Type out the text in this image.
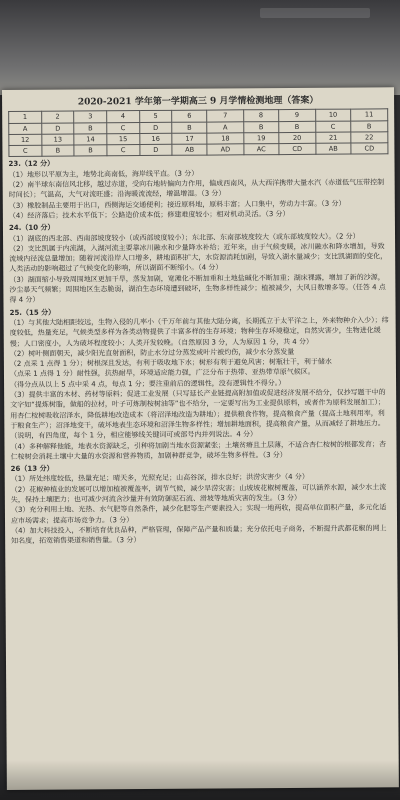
2020-2021 学年第一学期高三 9 月学情检测地理（答案）
1	2	3	4	5	6	7	8	9	10	11
A	D	B	C	D	B	A	B	B	C	B
12	13	14	15	16	17	18	19	20	21	22
C	B	B	C	D	AB	AD	AC	CD	AB	CD
23.（12 分）

（1）地形以平原为主，地势北高南低，海岸线平直。（3 分）

（2）南半球东南信风北移，越过赤道，受向右地转偏向力作用，偏成西南风，从大西洋携带大量水汽（赤道低气压带控制时间长）；气温高，大气对流旺盛；沿海暖流流经，增温增湿。（3 分）

（3）橡胶制品主要用于出口，西侧海运交通便利；接近原料地，原料丰富；人口集中，劳动力丰富。（3 分）

（4）经济落后；技术水平低下；公路造价成本低；修建难度较小；相对机动灵活。（3 分）

24.（10 分）

（1）湖底的西北部、西南部坡度较小（或西部坡度较小）；东北部、东南部坡度较大（或东部坡度较大）。（2 分）

（2）支比凯属于内流湖，入湖河流主要靠冰川融水和少量降水补给；近年来，由于气候变暖，冰川融水和降水增加，导致流域内径流总量增加；随着河流沿岸人口增多，耕地面积扩大，水资源消耗加剧，导致入湖水量减少；支比凯湖面的变化，人类活动的影响超过了气候变化的影响，所以湖面不断缩小。（4 分）

（3）湖面缩小导致周围地区更加干旱，蒸发加剧，宽滩化不断加重和土地盐碱化不断加重；湖床裸露，增加了新的沙源，沙尘暴天气频繁；周围地区生态脆弱，湖泊生态环境遭到破坏，生物多样性减少；植被减少，大风日数增多等。（任答 4 点得 4 分）

25.（15 分）

（1）与其他大陆相距较远，生物入侵的几率小（千万年前与其他大陆分离，长期孤立于太平洋之上，外来物种介入少）；纬度较低，热量充足，气候类型多样为各类动物提供了丰富多样的生存环境；物种生存环境稳定，自然灾害少，生物进化缓慢；人口密度小，人为破坏程度较小；人类开发较晚。（自然原因 3 分，人为原因 1 分，共 4 分）

（2）树叶侧面朝天，减少阳光直射面积，防止水分过分蒸发或叶片被灼伤，减少水分蒸发量

（2 点采 1 点得 1 分）；树根深且发达，有利于吸收地下水；树形有利于避免风害；树瓶壮干，利于储水

（点采 1 点得 1 分）耐性强，抗热耐旱，环境适应能力强，广泛分布于热带、亚热带草原气候区。

（得分点从以上 5 点中采 4 点，每点 1 分；要注重前后的逻辑性，没有逻辑性不得分。）

（3）提供丰富的木材、药材等原料；促进工业发展（只写延长产业链提高附加值或促进经济发展不给分，仅抄写题干中的文字如“提炼树脂，做船的拉材，叶子可炼制桉树油等”也不给分，一定要写出为工业提供原料，或者作为原料发展加工）；用杏仁桉树吸收沼泽水，降低耕地改造成本（将沼泽地改造为耕地）；提供粮食作物，提高粮食产量（提高土地利用率，利于粮食生产）；沼泽地变干，破坏地表生态环境和沼泽生物多样性；增加耕地面积，提高粮食产量，从而减轻了耕地压力。（说明，有四角度，每个 1 分，相应能够线关键词可或部号内并列说法。4 分）

（4）多种解释他能，地表水资源缺乏，引种将加剧当地水资源紧张；土壤贫瘠且土层薄，不适合杏仁桉树的根都发育；杏仁桉树会消耗土壤中大量的水资源和营养物质，加剧种群竞争，破坏生物多样性。（3 分）

26（13 分）

（1）所处纬度较低，热量充足；晴天多，光照充足；山高谷深，排水良好；洪涝灾害少（4 分）

（2）花椒种植业的发展可以增加植被覆盖率，调节气候，减少旱涝灾害；山坡坡花椒树覆盖，可以涵养水源，减少水土流失，保持土壤肥力；也可减少河流含沙量并有效防御泥石流、滑坡等地质灾害的发生。（3 分）

（3）充分利用土地、光热、水气肥等自然条件，减少化肥等生产要素投入；实现一地两收，提高单位面积产量，多元化适应市场需求；提高市场竞争力。（3 分）

（4）加大科技投入，不断培育优良品种，严格管理，保障产品产量和质量；充分依托电子商务，不断提升武都花椒的网上知名度，拓宽销售渠道和销售量。（3 分）
